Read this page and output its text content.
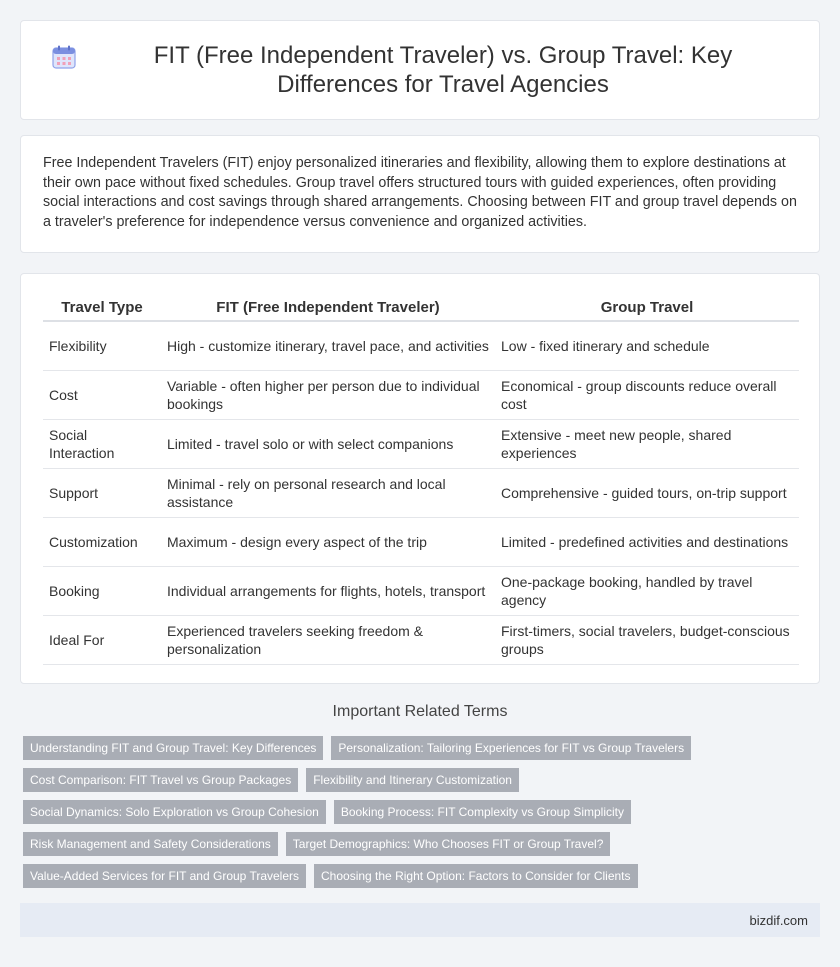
FIT (Free Independent Traveler) vs. Group Travel: Key Differences for Travel Agencies

Free Independent Travelers (FIT) enjoy personalized itineraries and flexibility, allowing them to explore destinations at their own pace without fixed schedules. Group travel offers structured tours with guided experiences, often providing social interactions and cost savings through shared arrangements. Choosing between FIT and group travel depends on a traveler's preference for independence versus convenience and organized activities.

Travel Type	FIT (Free Independent Traveler)	Group Travel
Flexibility	High - customize itinerary, travel pace, and activities	Low - fixed itinerary and schedule
Cost	Variable - often higher per person due to individual bookings	Economical - group discounts reduce overall cost
Social Interaction	Limited - travel solo or with select companions	Extensive - meet new people, shared experiences
Support	Minimal - rely on personal research and local assistance	Comprehensive - guided tours, on-trip support
Customization	Maximum - design every aspect of the trip	Limited - predefined activities and destinations
Booking	Individual arrangements for flights, hotels, transport	One-package booking, handled by travel agency
Ideal For	Experienced travelers seeking freedom & personalization	First-timers, social travelers, budget-conscious groups
Important Related Terms
Understanding FIT and Group Travel: Key Differences	Personalization: Tailoring Experiences for FIT vs Group Travelers
Cost Comparison: FIT Travel vs Group Packages	Flexibility and Itinerary Customization
Social Dynamics: Solo Exploration vs Group Cohesion	Booking Process: FIT Complexity vs Group Simplicity
Risk Management and Safety Considerations	Target Demographics: Who Chooses FIT or Group Travel?
Value-Added Services for FIT and Group Travelers	Choosing the Right Option: Factors to Consider for Clients
bizdif.com
